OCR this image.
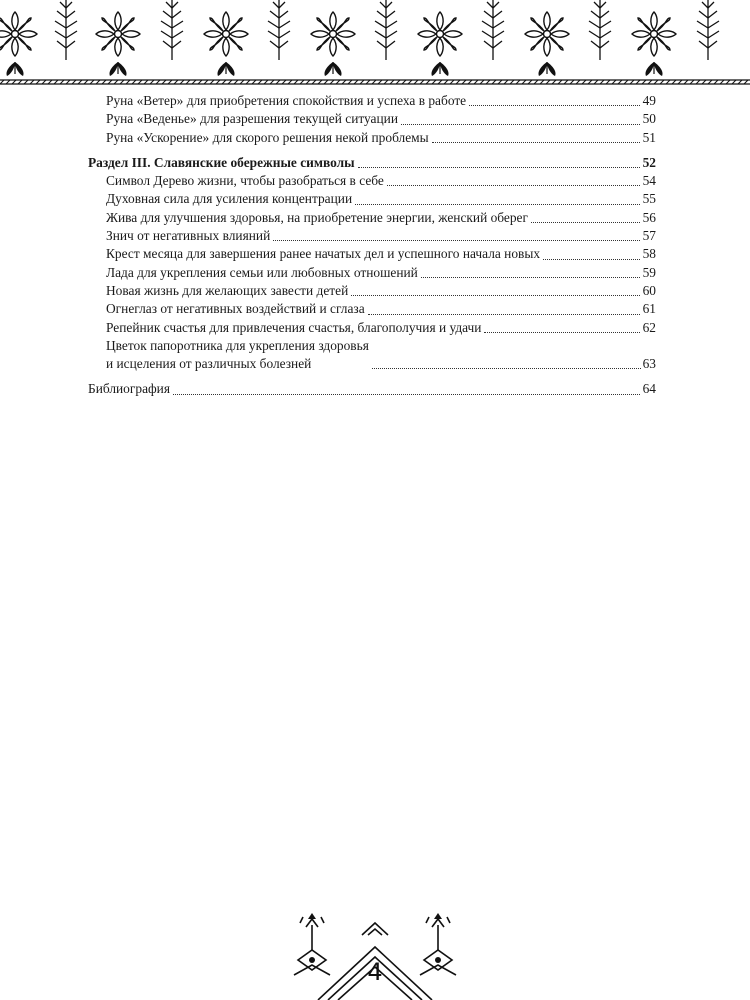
Руна «Ветер» для приобретения спокойствия и успеха в работе	49
Руна «Веденье» для разрешения текущей ситуации	50
Руна «Ускорение» для скорого решения некой проблемы	51
Раздел III. Славянские обережные символы	52
Символ Дерево жизни, чтобы разобраться в себе	54
Духовная сила для усиления концентрации	55
Жива для улучшения здоровья, на приобретение энергии, женский оберег	56
Знич от негативных влияний	57
Крест месяца для завершения ранее начатых дел и успешного начала новых	58
Лада для укрепления семьи или любовных отношений	59
Новая жизнь для желающих завести детей	60
Огнеглаз от негативных воздействий и сглаза	61
Репейник счастья для привлечения счастья, благополучия и удачи	62
Цветок папоротника для укрепления здоровья
и исцеления от различных болезней	63
Библиография	64
4
